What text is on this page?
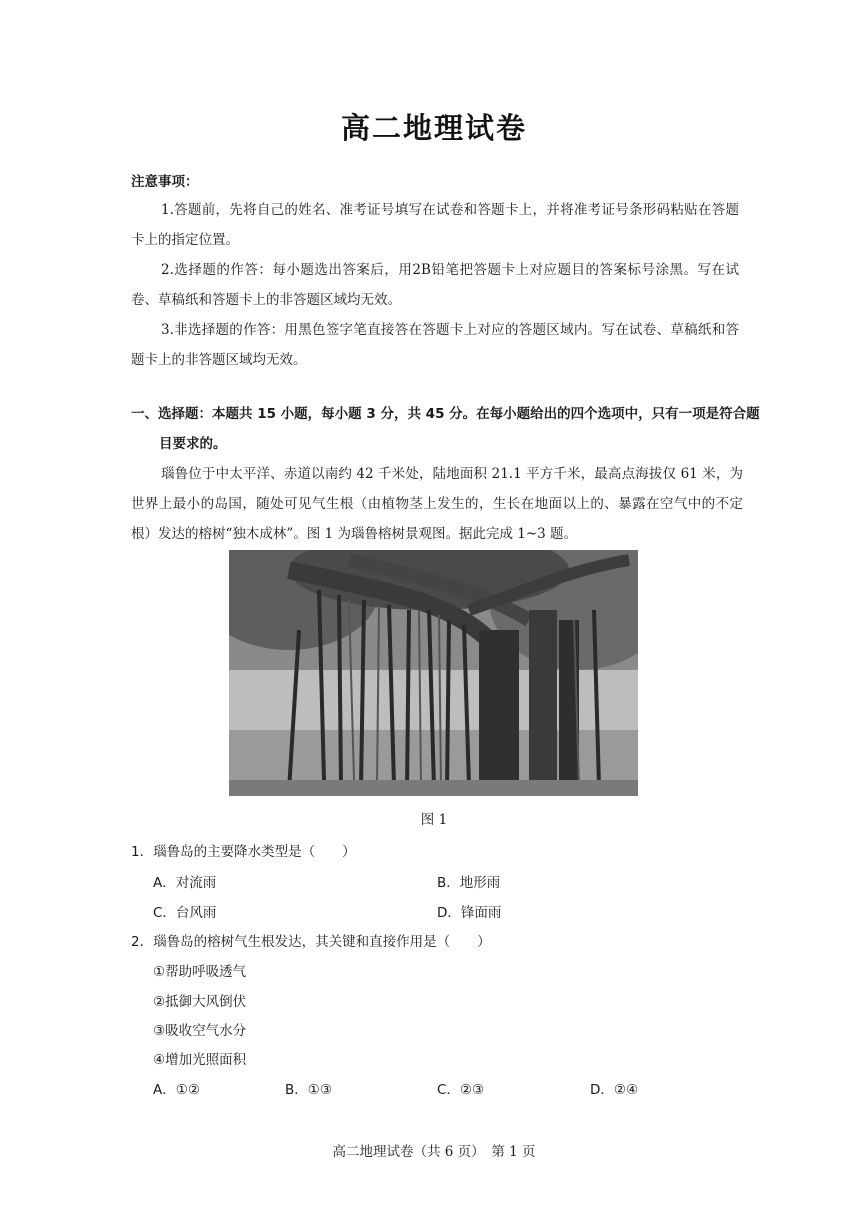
高二地理试卷
注意事项：
1.答题前，先将自己的姓名、准考证号填写在试卷和答题卡上，并将准考证号条形码粘贴在答题卡上的指定位置。
2.选择题的作答：每小题选出答案后，用2B铅笔把答题卡上对应题目的答案标号涂黑。写在试卷、草稿纸和答题卡上的非答题区域均无效。
3.非选择题的作答：用黑色签字笔直接答在答题卡上对应的答题区域内。写在试卷、草稿纸和答题卡上的非答题区域均无效。
一、选择题：本题共 15 小题，每小题 3 分，共 45 分。在每小题给出的四个选项中，只有一项是符合题目要求的。
瑙鲁位于中太平洋、赤道以南约 42 千米处，陆地面积 21.1 平方千米，最高点海拔仅 61 米，为世界上最小的岛国，随处可见气生根（由植物茎上发生的，生长在地面以上的、暴露在空气中的不定根）发达的榕树“独木成林”。图 1 为瑙鲁榕树景观图。据此完成 1~3 题。
图 1
1．瑙鲁岛的主要降水类型是（　　）
A．对流雨	B．地形雨
C．台风雨	D．锋面雨
2．瑙鲁岛的榕树气生根发达，其关键和直接作用是（　　）
①帮助呼吸透气
②抵御大风倒伏
③吸收空气水分
④增加光照面积
A．①②	B．①③	C．②③	D．②④
高二地理试卷（共 6 页）　第 1 页
